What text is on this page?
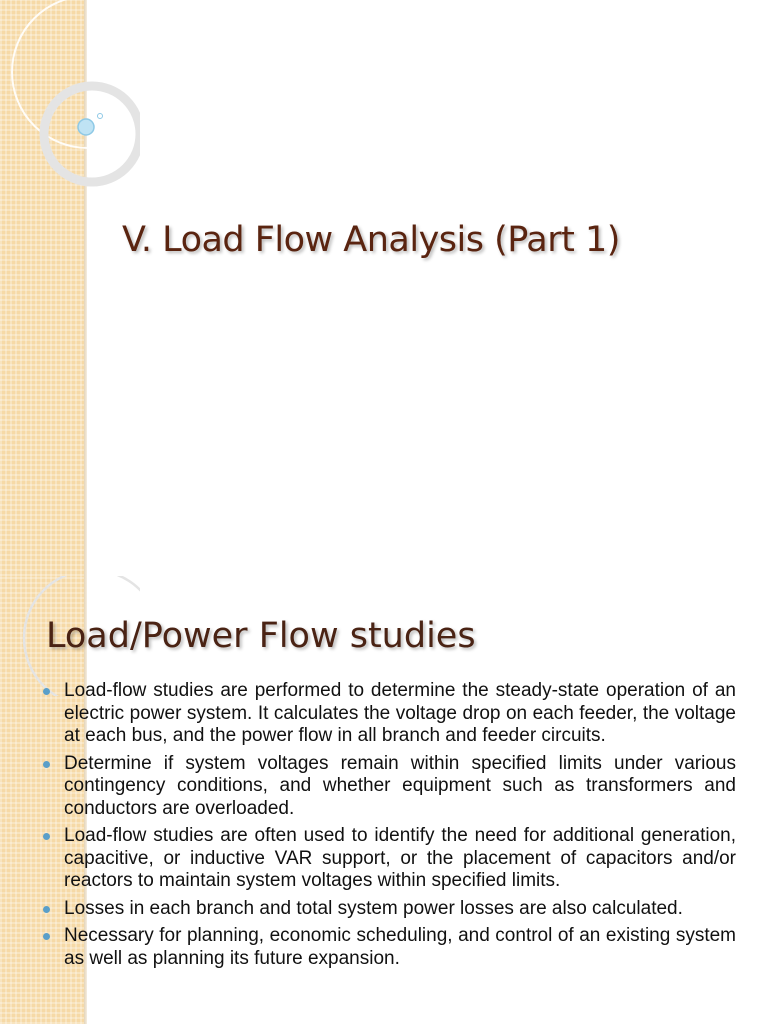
V. Load Flow Analysis (Part 1)
Load/Power Flow studies
Load-flow studies are performed to determine the steady-state operation of an electric power system. It calculates the voltage drop on each feeder, the voltage at each bus, and the power flow in all branch and feeder circuits.
Determine if system voltages remain within specified limits under various contingency conditions, and whether equipment such as transformers and conductors are overloaded.
Load-flow studies are often used to identify the need for additional generation, capacitive, or inductive VAR support, or the placement of capacitors and/or reactors to maintain system voltages within specified limits.
Losses in each branch and total system power losses are also calculated.
Necessary for planning, economic scheduling, and control of an existing system as well as planning its future expansion.
